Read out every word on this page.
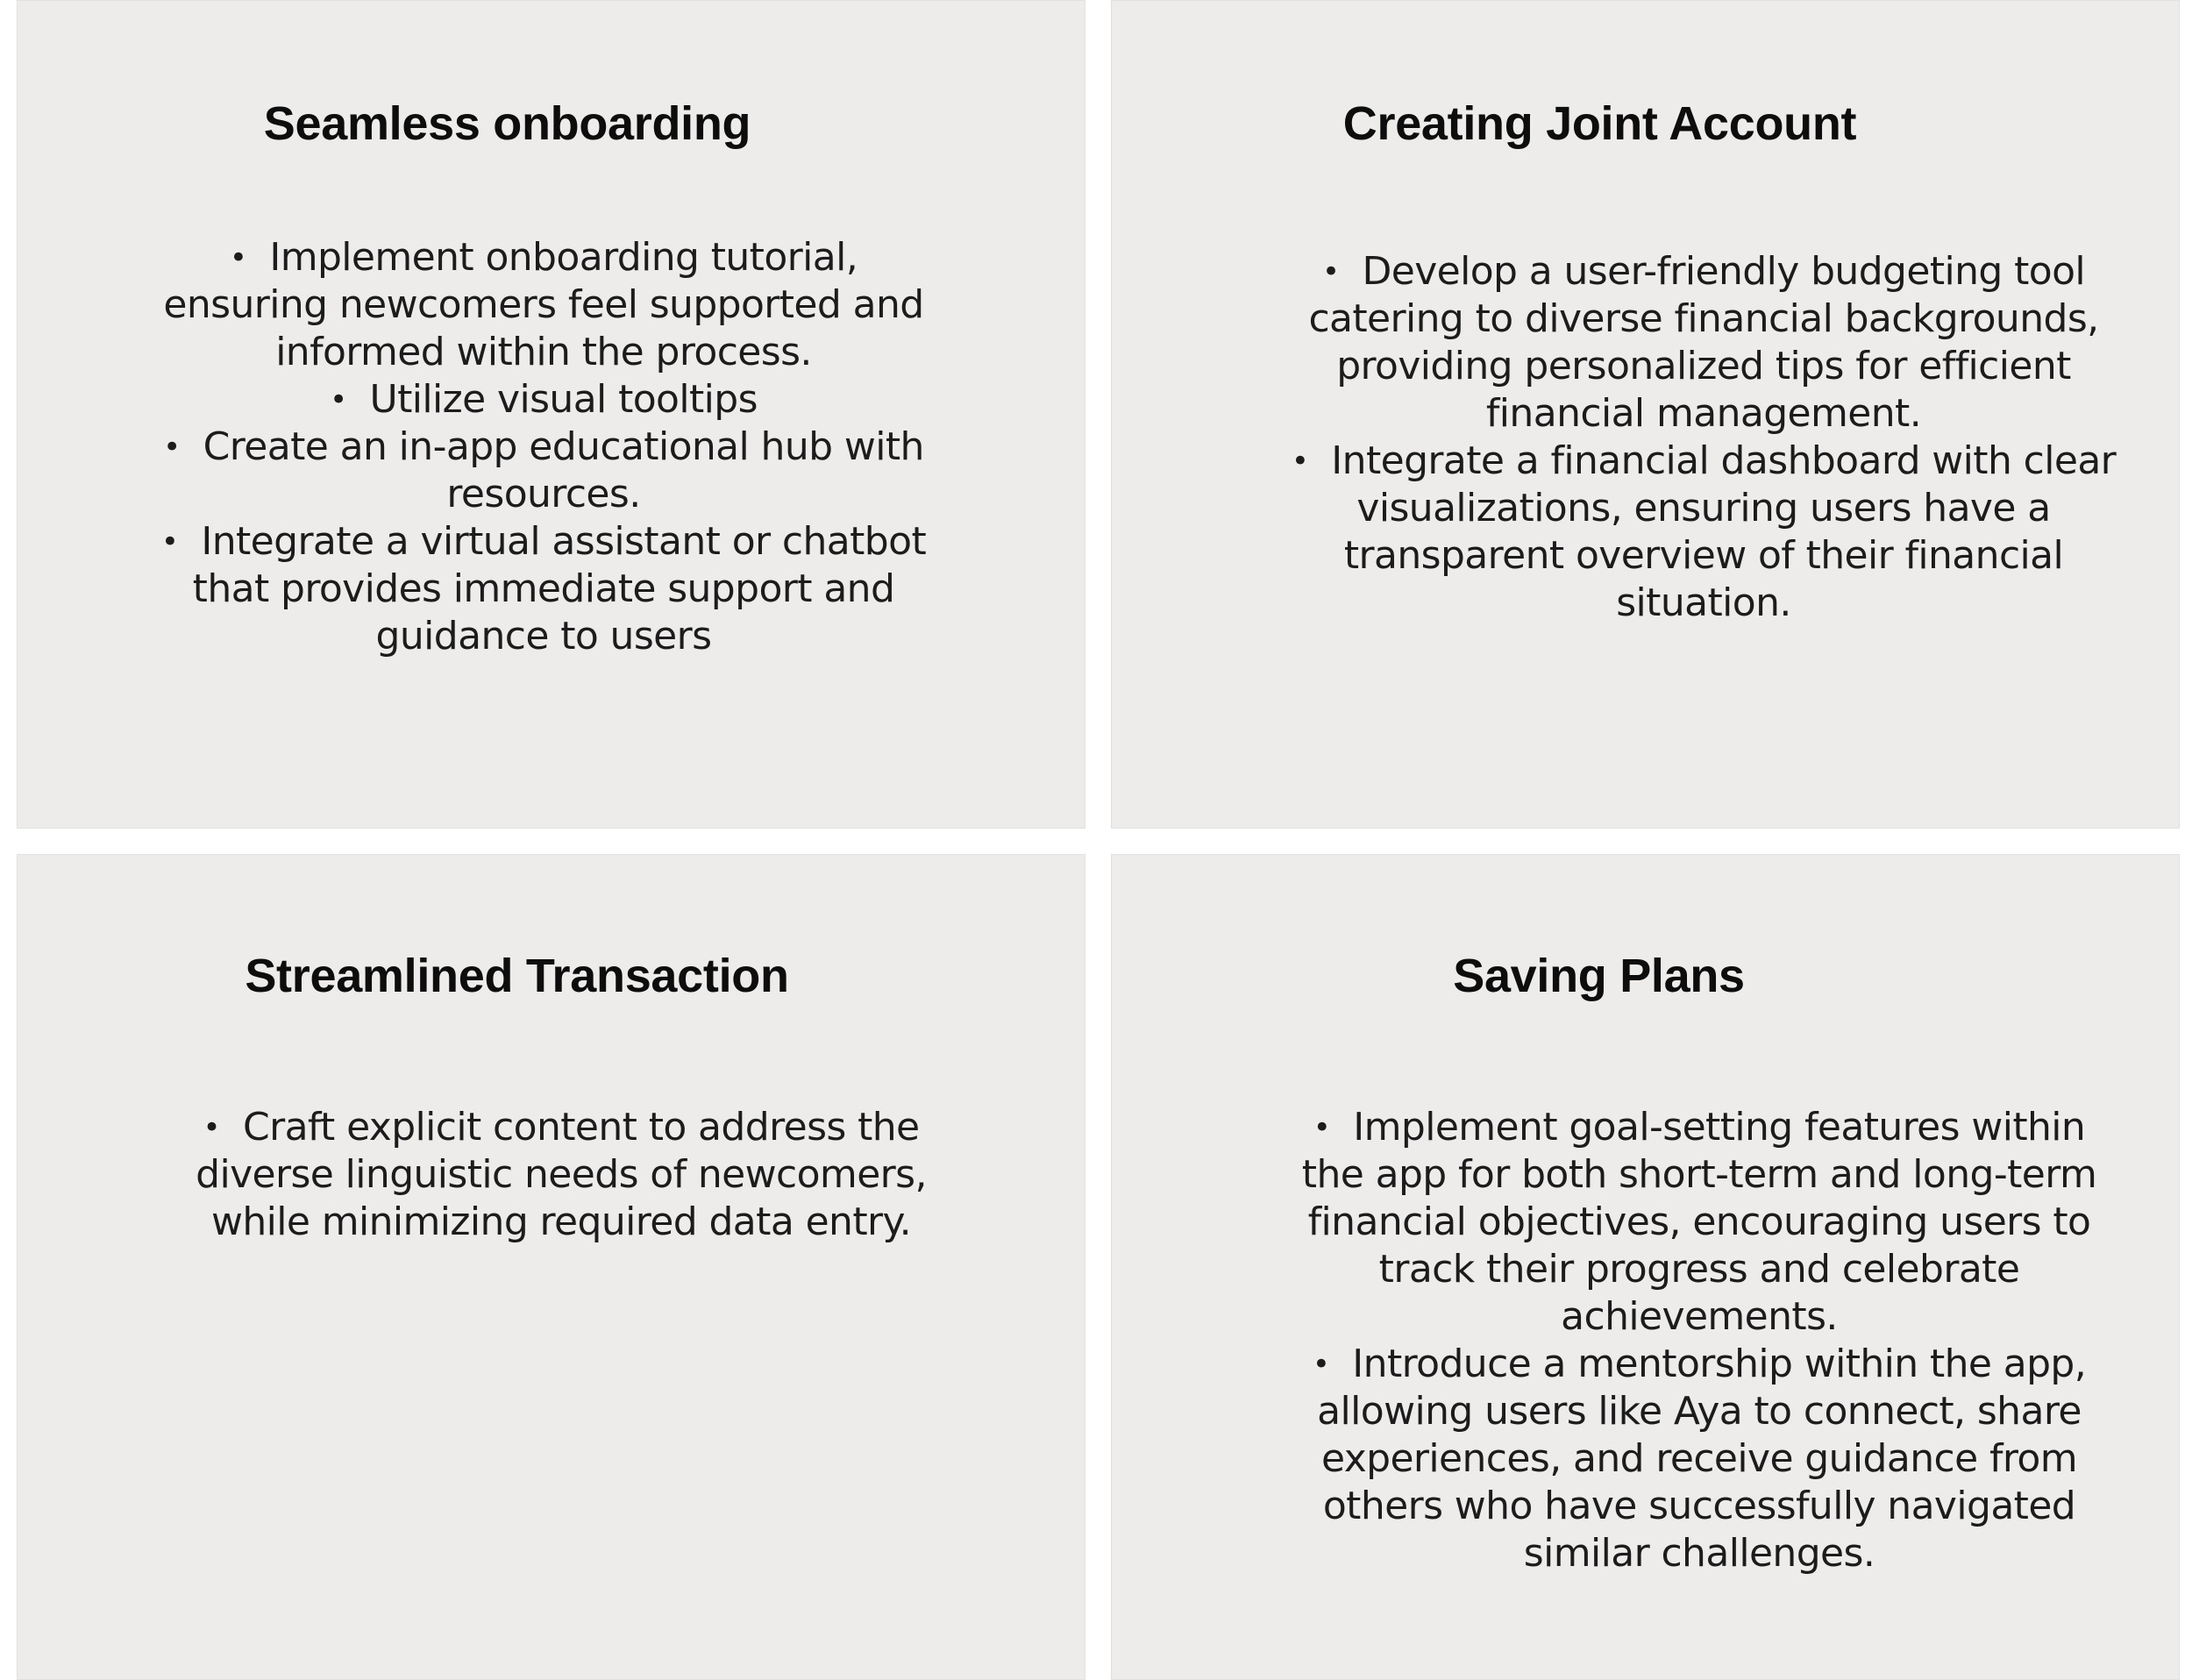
Seamless onboarding
• Implement onboarding tutorial, ensuring newcomers feel supported and informed within the process.
• Utilize visual tooltips
• Create an in-app educational hub with resources.
• Integrate a virtual assistant or chatbot that provides immediate support and guidance to users
Creating Joint Account
• Develop a user-friendly budgeting tool catering to diverse financial backgrounds, providing personalized tips for efficient financial management.
• Integrate a financial dashboard with clear visualizations, ensuring users have a transparent overview of their financial situation.
Streamlined Transaction
• Craft explicit content to address the diverse linguistic needs of newcomers, while minimizing required data entry.
Saving Plans
• Implement goal-setting features within the app for both short-term and long-term financial objectives, encouraging users to track their progress and celebrate achievements.
• Introduce a mentorship within the app, allowing users like Aya to connect, share experiences, and receive guidance from others who have successfully navigated similar challenges.
